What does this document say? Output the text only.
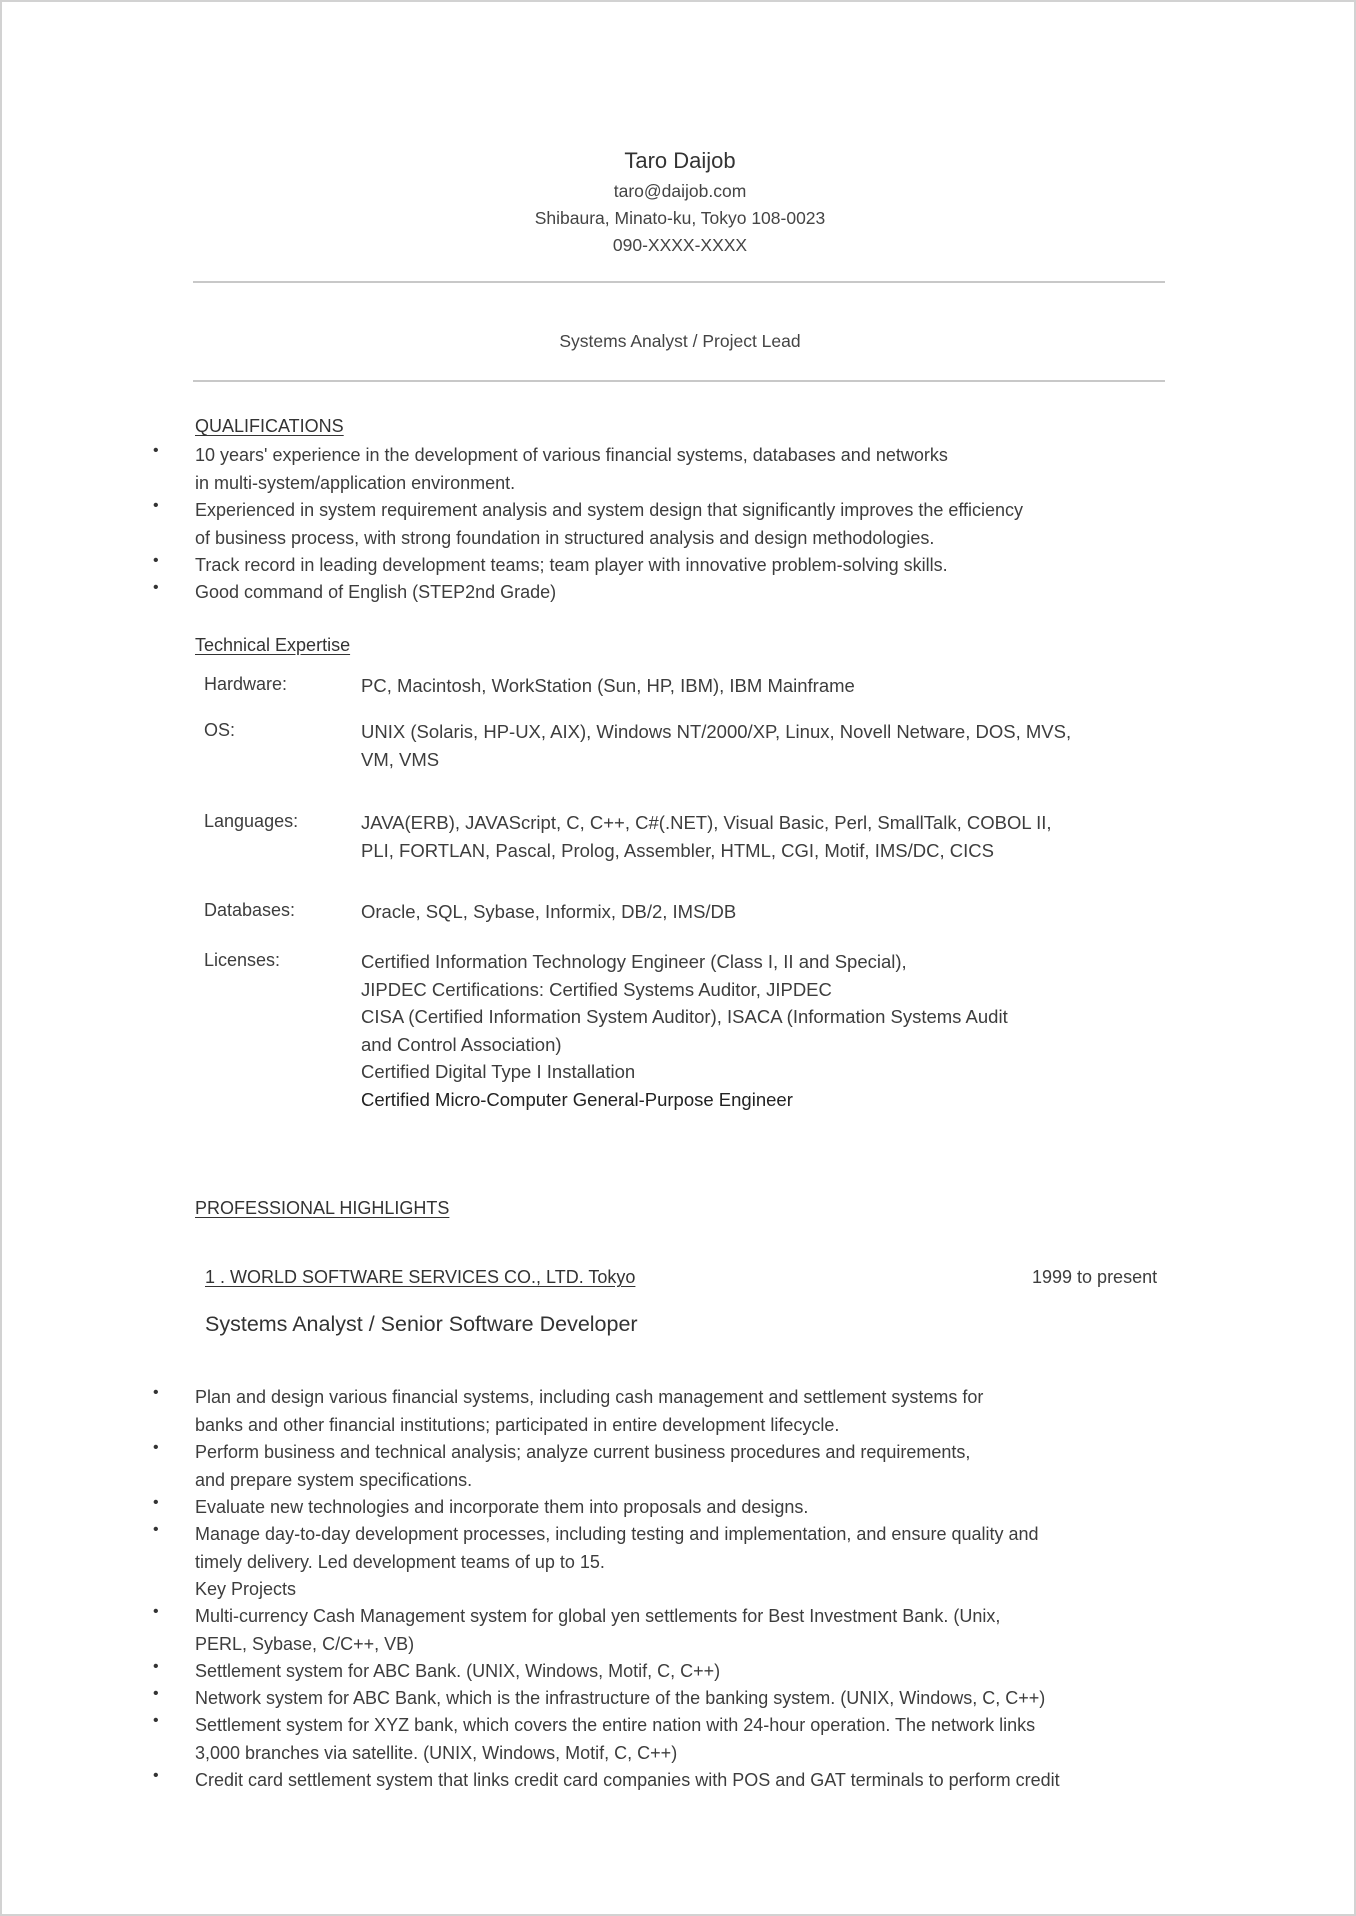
Taro Daijob
taro@daijob.com
Shibaura, Minato-ku, Tokyo 108-0023
090-XXXX-XXXX
Systems Analyst / Project Lead
QUALIFICATIONS
• 10 years' experience in the development of various financial systems, databases and networks
in multi-system/application environment.
• Experienced in system requirement analysis and system design that significantly improves the efficiency
of business process, with strong foundation in structured analysis and design methodologies.
• Track record in leading development teams; team player with innovative problem-solving skills.
• Good command of English (STEP2nd Grade)
Technical Expertise
Hardware:	PC, Macintosh, WorkStation (Sun, HP, IBM), IBM Mainframe
OS:	UNIX (Solaris, HP-UX, AIX), Windows NT/2000/XP, Linux, Novell Netware, DOS, MVS,
VM, VMS
Languages:	JAVA(ERB), JAVAScript, C, C++, C#(.NET), Visual Basic, Perl, SmallTalk, COBOL II,
PLI, FORTLAN, Pascal, Prolog, Assembler, HTML, CGI, Motif, IMS/DC, CICS
Databases:	Oracle, SQL, Sybase, Informix, DB/2, IMS/DB
Licenses:	Certified Information Technology Engineer (Class I, II and Special),
JIPDEC Certifications: Certified Systems Auditor, JIPDEC
CISA (Certified Information System Auditor), ISACA (Information Systems Audit
and Control Association)
Certified Digital Type I Installation
Certified Micro-Computer General-Purpose Engineer
PROFESSIONAL HIGHLIGHTS
1 . WORLD SOFTWARE SERVICES CO., LTD. Tokyo	1999 to present
Systems Analyst / Senior Software Developer
• Plan and design various financial systems, including cash management and settlement systems for
banks and other financial institutions; participated in entire development lifecycle.
• Perform business and technical analysis; analyze current business procedures and requirements,
and prepare system specifications.
• Evaluate new technologies and incorporate them into proposals and designs.
• Manage day-to-day development processes, including testing and implementation, and ensure quality and
timely delivery. Led development teams of up to 15.
Key Projects
• Multi-currency Cash Management system for global yen settlements for Best Investment Bank. (Unix,
PERL, Sybase, C/C++, VB)
• Settlement system for ABC Bank. (UNIX, Windows, Motif, C, C++)
• Network system for ABC Bank, which is the infrastructure of the banking system. (UNIX, Windows, C, C++)
• Settlement system for XYZ bank, which covers the entire nation with 24-hour operation. The network links
3,000 branches via satellite. (UNIX, Windows, Motif, C, C++)
• Credit card settlement system that links credit card companies with POS and GAT terminals to perform credit
